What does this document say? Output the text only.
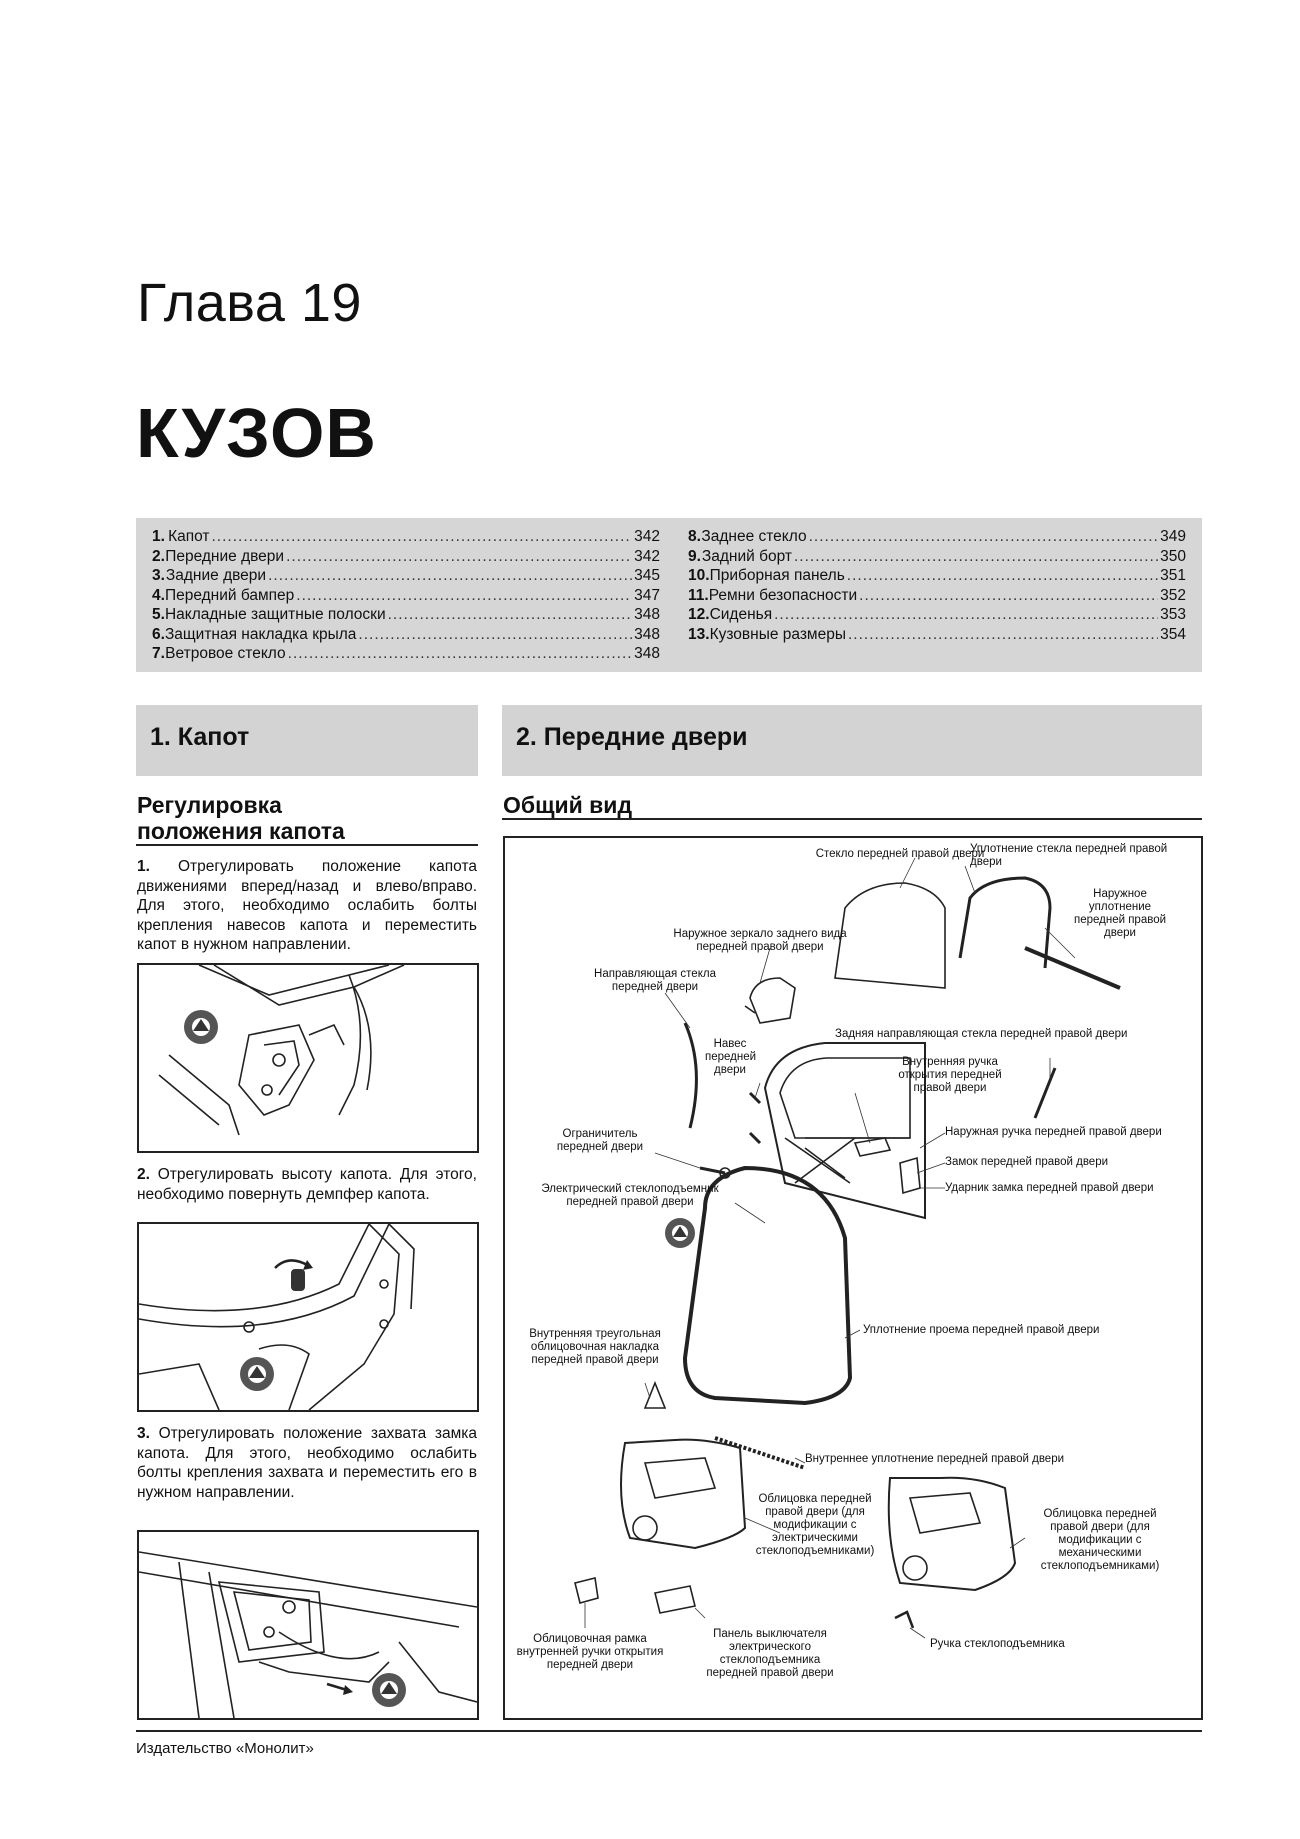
Глава 19
КУЗОВ
1. Капот .....	342
2. Передние двери .....	342
3. Задние двери .....	345
4. Передний бампер .....	347
5. Накладные защитные полоски .....	348
6. Защитная накладка крыла .....	348
7. Ветровое стекло .....	348
8. Заднее стекло .....	349
9. Задний борт .....	350
10. Приборная панель .....	351
11. Ремни безопасности .....	352
12. Сиденья .....	353
13. Кузовные размеры .....	354
1. Капот	2. Передние двери
Регулировка
положения капота
1. Отрегулировать положение капота движениями вперед/назад и влево/вправо. Для этого, необходимо ослабить болты крепления навесов капота и переместить капот в нужном направлении.
2. Отрегулировать высоту капота. Для этого, необходимо повернуть демпфер капота.
3. Отрегулировать положение захвата замка капота. Для этого, необходимо ослабить болты крепления захвата и переместить его в нужном направлении.
Общий вид
Стекло передней правой двери
Уплотнение стекла передней правой двери
Наружное уплотнение передней правой двери
Наружное зеркало заднего вида передней правой двери
Направляющая стекла передней двери
Задняя направляющая стекла передней правой двери
Навес передней двери
Внутренняя ручка открытия передней правой двери
Наружная ручка передней правой двери
Ограничитель передней двери
Замок передней правой двери
Ударник замка передней правой двери
Электрический стеклоподъемник передней правой двери
Уплотнение проема передней правой двери
Внутренняя треугольная облицовочная накладка передней правой двери
Внутреннее уплотнение передней правой двери
Облицовка передней правой двери (для модификации с электрическими стеклоподъемниками)
Облицовка передней правой двери (для модификации с механическими стеклоподъемниками)
Облицовочная рамка внутренней ручки открытия передней двери
Панель выключателя электрического стеклоподъемника передней правой двери
Ручка стеклоподъемника
Издательство «Монолит»
